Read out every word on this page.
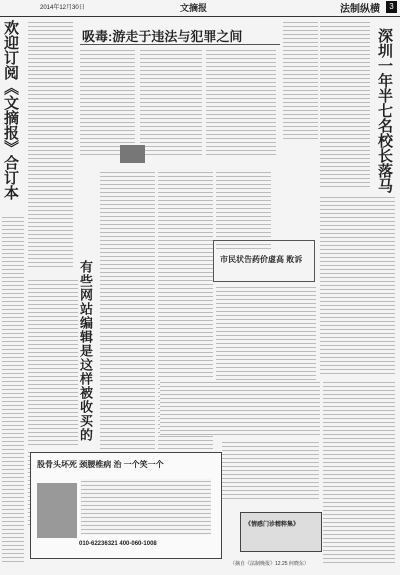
2014年12月30日	文摘报	法制纵横	3
欢迎订阅《文摘报》合订本
有些网站编辑是这样被收买的
吸毒:游走于违法与犯罪之间	深圳一年半七名校长落马
市民状告药价虚高 败诉
股骨头坏死 颈腰椎病 治 一个笑一个
010-62236321 400-060-1008
《情感门诊精粹集》
（摘自《法制晚报》12.25 何晓东）
